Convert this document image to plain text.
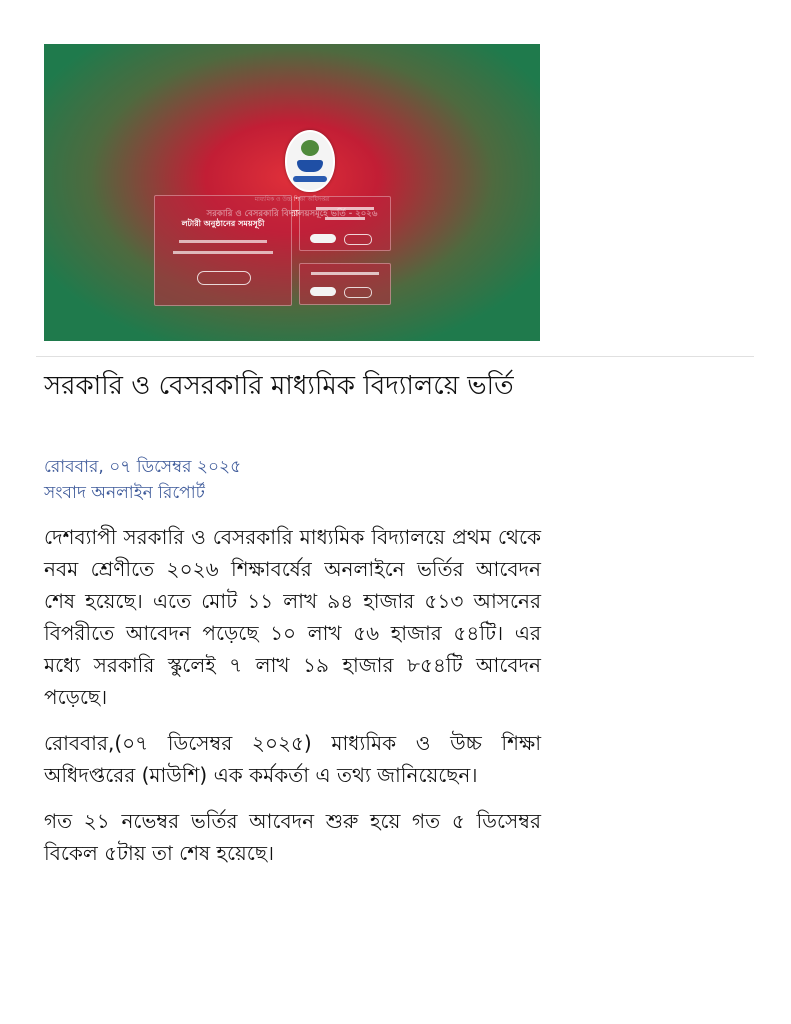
লটারী অনুষ্ঠানের সময়সূচী
সরকারি ও বেসরকারি মাধ্যমিক বিদ্যালয়ে ভর্তি
রোববার, ০৭ ডিসেম্বর ২০২৫
সংবাদ অনলাইন রিপোর্ট

দেশব্যাপী সরকারি ও বেসরকারি মাধ্যমিক বিদ্যালয়ে প্রথম থেকে নবম শ্রেণীতে ২০২৬ শিক্ষাবর্ষের অনলাইনে ভর্তির আবেদন শেষ হয়েছে। এতে মোট ১১ লাখ ৯৪ হাজার ৫১৩ আসনের বিপরীতে আবেদন পড়েছে ১০ লাখ ৫৬ হাজার ৫৪টি। এর মধ্যে সরকারি স্কুলেই ৭ লাখ ১৯ হাজার ৮৫৪টি আবেদন পড়েছে।

রোববার,(০৭ ডিসেম্বর ২০২৫) মাধ্যমিক ও উচ্চ শিক্ষা অধিদপ্তরের (মাউশি) এক কর্মকর্তা এ তথ্য জানিয়েছেন।

গত ২১ নভেম্বর ভর্তির আবেদন শুরু হয়ে গত ৫ ডিসেম্বর বিকেল ৫টায় তা শেষ হয়েছে।
